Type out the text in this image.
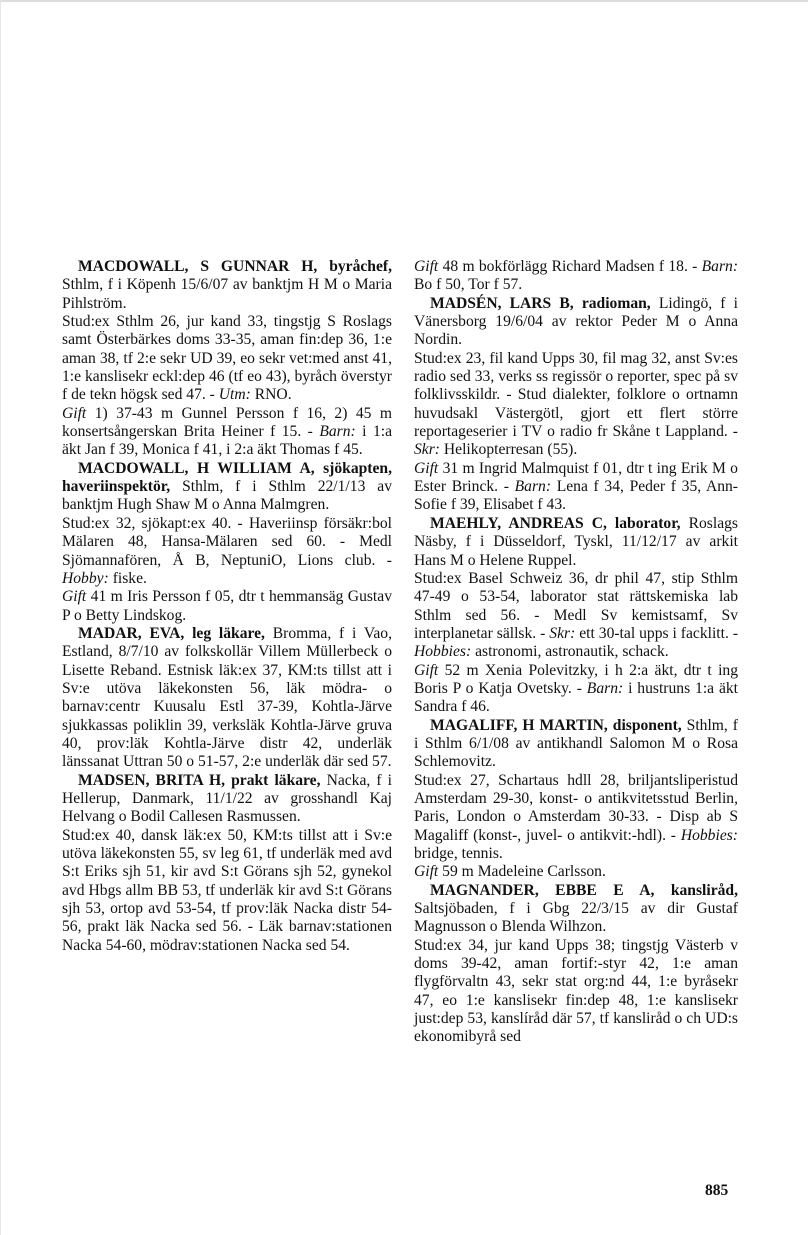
MACDOWALL, S GUNNAR H, byråchef, Sthlm, f i Köpenh 15/6/07 av banktjm H M o Maria Pihlström.

Stud:ex Sthlm 26, jur kand 33, tingstjg S Roslags samt Österbärkes doms 33-35, aman fin:dep 36, 1:e aman 38, tf 2:e sekr UD 39, eo sekr vet:med anst 41, 1:e kanslisekr eckl:dep 46 (tf eo 43), byråch överstyr f de tekn högsk sed 47. - Utm: RNO.

Gift 1) 37-43 m Gunnel Persson f 16, 2) 45 m konsertsångerskan Brita Heiner f 15. - Barn: i 1:a äkt Jan f 39, Monica f 41, i 2:a äkt Thomas f 45.

MACDOWALL, H WILLIAM A, sjökapten, haveriinspektör, Sthlm, f i Sthlm 22/1/13 av banktjm Hugh Shaw M o Anna Malmgren.

Stud:ex 32, sjökapt:ex 40. - Haveriinsp försäkr:bol Mälaren 48, Hansa-Mälaren sed 60. - Medl Sjömannafören, Å B, NeptuniO, Lions club. - Hobby: fiske.

Gift 41 m Iris Persson f 05, dtr t hemmansäg Gustav P o Betty Lindskog.

MADAR, EVA, leg läkare, Bromma, f i Vao, Estland, 8/7/10 av folkskollär Villem Müllerbeck o Lisette Reband. Estnisk läk:ex 37, KM:ts tillst att i Sv:e utöva läkekonsten 56, läk mödra- o barnav:centr Kuusalu Estl 37-39, Kohtla-Järve sjukkassas poliklin 39, verksläk Kohtla-Järve gruva 40, prov:läk Kohtla-Järve distr 42, underläk länssanat Uttran 50 o 51-57, 2:e underläk där sed 57.

MADSEN, BRITA H, prakt läkare, Nacka, f i Hellerup, Danmark, 11/1/22 av grosshandl Kaj Helvang o Bodil Callesen Rasmussen.

Stud:ex 40, dansk läk:ex 50, KM:ts tillst att i Sv:e utöva läkekonsten 55, sv leg 61, tf underläk med avd S:t Eriks sjh 51, kir avd S:t Görans sjh 52, gynekol avd Hbgs allm BB 53, tf underläk kir avd S:t Görans sjh 53, ortop avd 53-54, tf prov:läk Nacka distr 54-56, prakt läk Nacka sed 56. - Läk barnav:stationen Nacka 54-60, mödrav:stationen Nacka sed 54.

Gift 48 m bokförlägg Richard Madsen f 18. - Barn: Bo f 50, Tor f 57.

MADSÉN, LARS B, radioman, Lidingö, f i Vänersborg 19/6/04 av rektor Peder M o Anna Nordin.

Stud:ex 23, fil kand Upps 30, fil mag 32, anst Sv:es radio sed 33, verks ss regissör o reporter, spec på sv folklivsskildr. - Stud dialekter, folklore o ortnamn huvudsakl Västergötl, gjort ett flert större reportageserier i TV o radio fr Skåne t Lappland. - Skr: Helikopterresan (55).

Gift 31 m Ingrid Malmquist f 01, dtr t ing Erik M o Ester Brinck. - Barn: Lena f 34, Peder f 35, Ann-Sofie f 39, Elisabet f 43.

MAEHLY, ANDREAS C, laborator, Roslags Näsby, f i Düsseldorf, Tyskl, 11/12/17 av arkit Hans M o Helene Ruppel.

Stud:ex Basel Schweiz 36, dr phil 47, stip Sthlm 47-49 o 53-54, laborator stat rättskemiska lab Sthlm sed 56. - Medl Sv kemistsamf, Sv interplanetar sällsk. - Skr: ett 30-tal upps i facklitt. - Hobbies: astronomi, astronautik, schack.

Gift 52 m Xenia Polevitzky, i h 2:a äkt, dtr t ing Boris P o Katja Ovetsky. - Barn: i hustruns 1:a äkt Sandra f 46.

MAGALIFF, H MARTIN, disponent, Sthlm, f i Sthlm 6/1/08 av antikhandl Salomon M o Rosa Schlemovitz.

Stud:ex 27, Schartaus hdll 28, briljantsliperistud Amsterdam 29-30, konst- o antikvitetsstud Berlin, Paris, London o Amsterdam 30-33. - Disp ab S Magaliff (konst-, juvel- o antikvit:-hdl). - Hobbies: bridge, tennis.

Gift 59 m Madeleine Carlsson.

MAGNANDER, EBBE E A, kansliråd, Saltsjöbaden, f i Gbg 22/3/15 av dir Gustaf Magnusson o Blenda Wilhzon.

Stud:ex 34, jur kand Upps 38; tingstjg Västerb v doms 39-42, aman fortif:-styr 42, 1:e aman flygförvaltn 43, sekr stat org:nd 44, 1:e byråsekr 47, eo 1:e kanslisekr fin:dep 48, 1:e kanslisekr just:dep 53, kanslíråd där 57, tf kansliråd o ch UD:s ekonomibyrå sed

885
